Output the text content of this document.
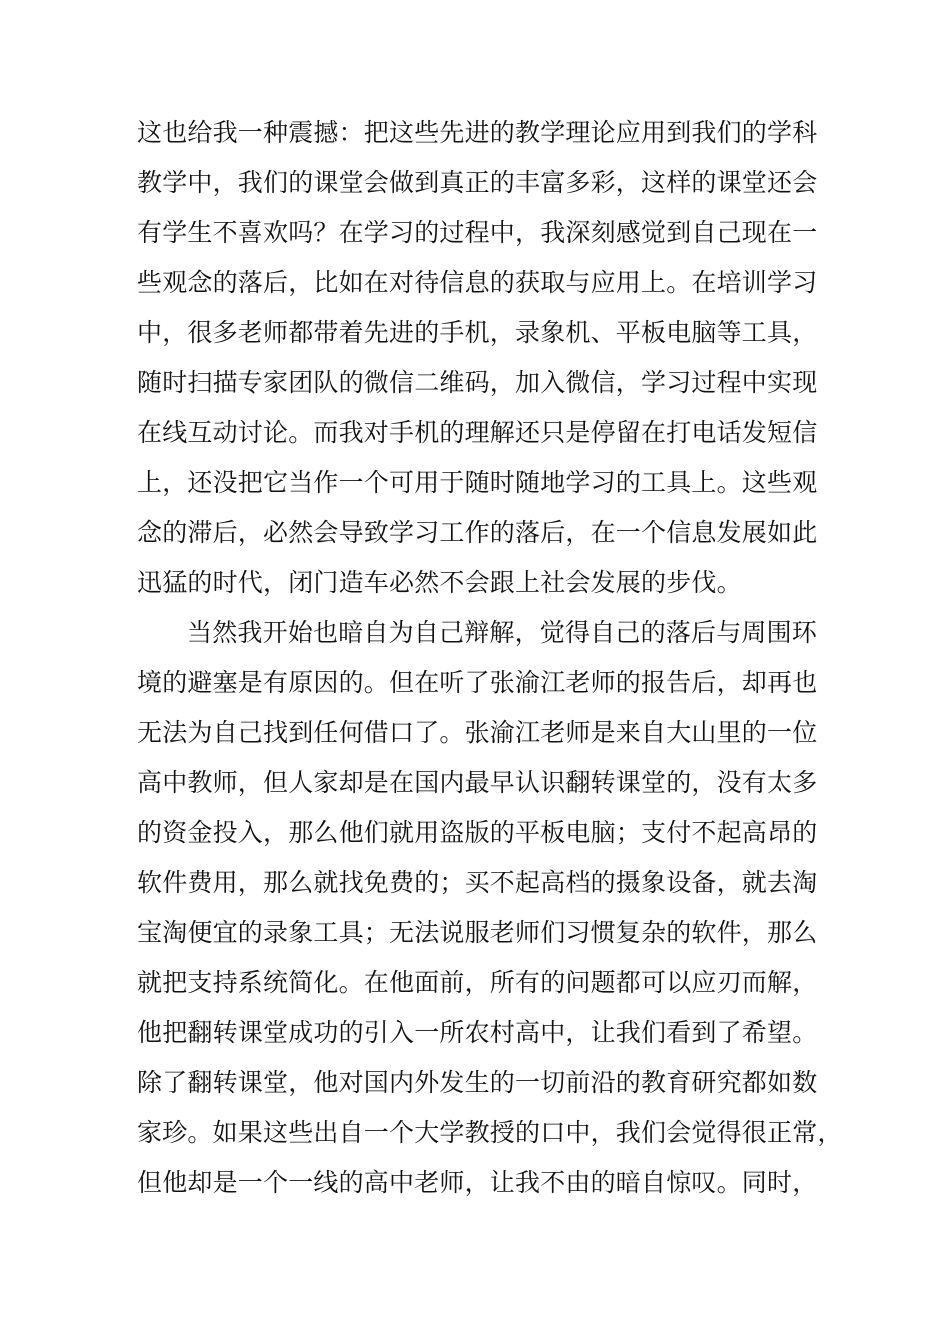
这也给我一种震撼：把这些先进的教学理论应用到我们的学科
教学中，我们的课堂会做到真正的丰富多彩，这样的课堂还会
有学生不喜欢吗？在学习的过程中，我深刻感觉到自己现在一
些观念的落后，比如在对待信息的获取与应用上。在培训学习
中，很多老师都带着先进的手机，录象机、平板电脑等工具，
随时扫描专家团队的微信二维码，加入微信，学习过程中实现
在线互动讨论。而我对手机的理解还只是停留在打电话发短信
上，还没把它当作一个可用于随时随地学习的工具上。这些观
念的滞后，必然会导致学习工作的落后，在一个信息发展如此
迅猛的时代，闭门造车必然不会跟上社会发展的步伐。
当然我开始也暗自为自己辩解，觉得自己的落后与周围环
境的避塞是有原因的。但在听了张渝江老师的报告后，却再也
无法为自己找到任何借口了。张渝江老师是来自大山里的一位
高中教师，但人家却是在国内最早认识翻转课堂的，没有太多
的资金投入，那么他们就用盗版的平板电脑；支付不起高昂的
软件费用，那么就找免费的；买不起高档的摄象设备，就去淘
宝淘便宜的录象工具；无法说服老师们习惯复杂的软件，那么
就把支持系统简化。在他面前，所有的问题都可以应刃而解，
他把翻转课堂成功的引入一所农村高中，让我们看到了希望。
除了翻转课堂，他对国内外发生的一切前沿的教育研究都如数
家珍。如果这些出自一个大学教授的口中，我们会觉得很正常，
但他却是一个一线的高中老师，让我不由的暗自惊叹。同时，
